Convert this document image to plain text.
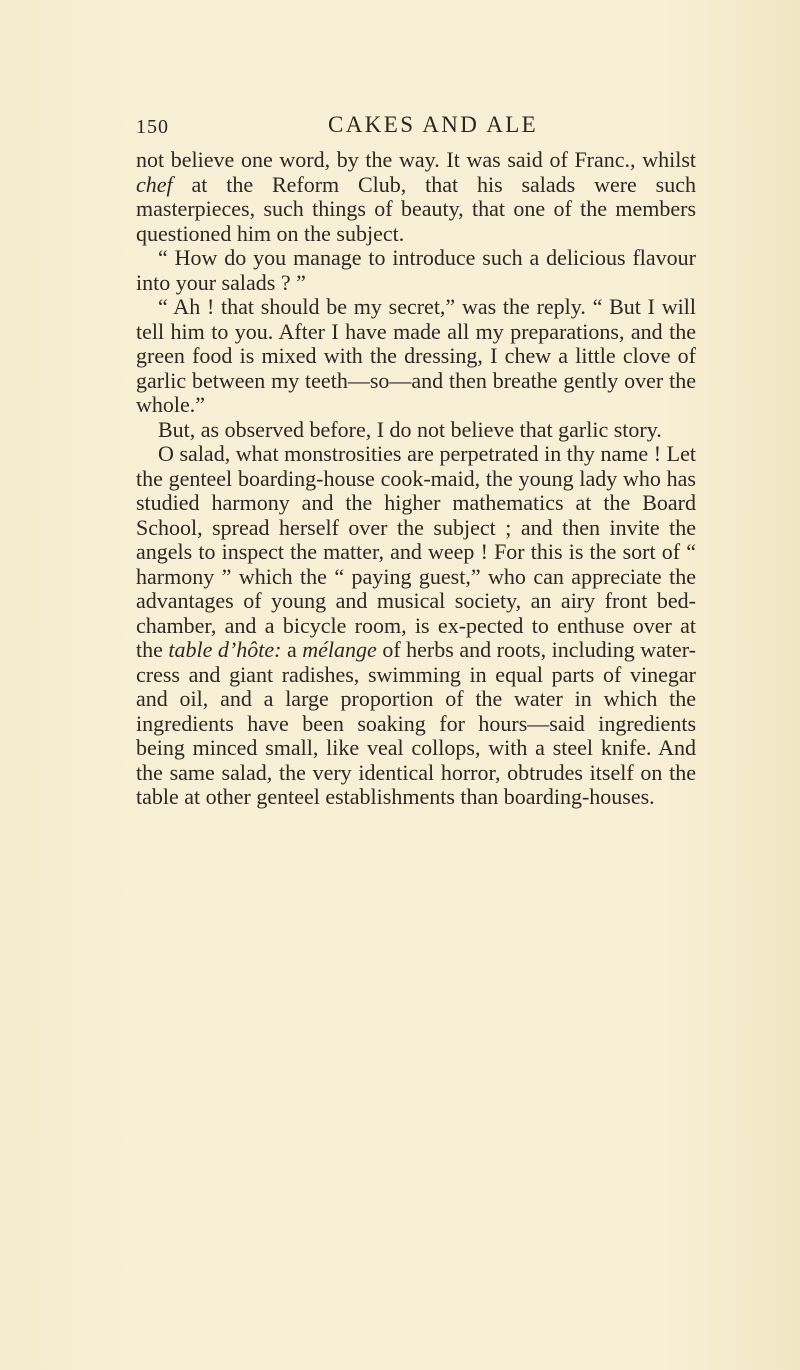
150	CAKES AND ALE

not believe one word, by the way. It was said of Franc., whilst chef at the Reform Club, that his salads were such masterpieces, such things of beauty, that one of the members questioned him on the subject.

“ How do you manage to introduce such a delicious flavour into your salads ? ”

“ Ah ! that should be my secret,” was the reply. “ But I will tell him to you. After I have made all my preparations, and the green food is mixed with the dressing, I chew a little clove of garlic between my teeth—so—and then breathe gently over the whole.”

But, as observed before, I do not believe that garlic story.

O salad, what monstrosities are perpetrated in thy name ! Let the genteel boarding-house cook-maid, the young lady who has studied harmony and the higher mathematics at the Board School, spread herself over the subject ; and then invite the angels to inspect the matter, and weep ! For this is the sort of “ harmony ” which the “ paying guest,” who can appreciate the advantages of young and musical society, an airy front bed-chamber, and a bicycle room, is ex-pected to enthuse over at the table d’hôte: a mélange of herbs and roots, including water-cress and giant radishes, swimming in equal parts of vinegar and oil, and a large proportion of the water in which the ingredients have been soaking for hours—said ingredients being minced small, like veal collops, with a steel knife. And the same salad, the very identical horror, obtrudes itself on the table at other genteel establishments than boarding-houses.
